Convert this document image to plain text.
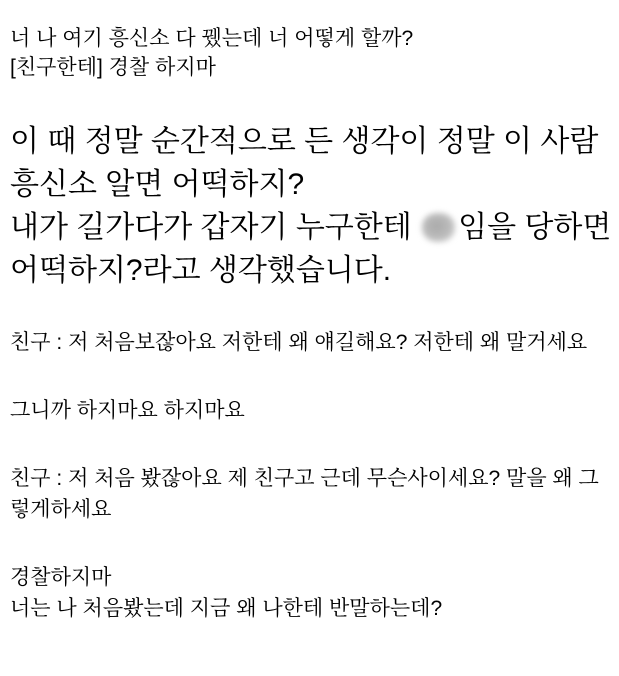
너 나 여기 흥신소 다 뀄는데 너 어떻게 할까?
[친구한테] 경찰 하지마

이 때 정말 순간적으로 든 생각이 정말 이 사람 흥신소 알면 어떡하지?
내가 길가다가 갑자기 누구한테 임을 당하면 어떡하지?라고 생각했습니다.

친구 : 저 처음보잖아요 저한테 왜 얘길해요? 저한테 왜 말거세요

그니까 하지마요 하지마요

친구 : 저 처음 봤잖아요 제 친구고 근데 무슨사이세요? 말을 왜 그렇게하세요

경찰하지마
너는 나 처음봤는데 지금 왜 나한테 반말하는데?
